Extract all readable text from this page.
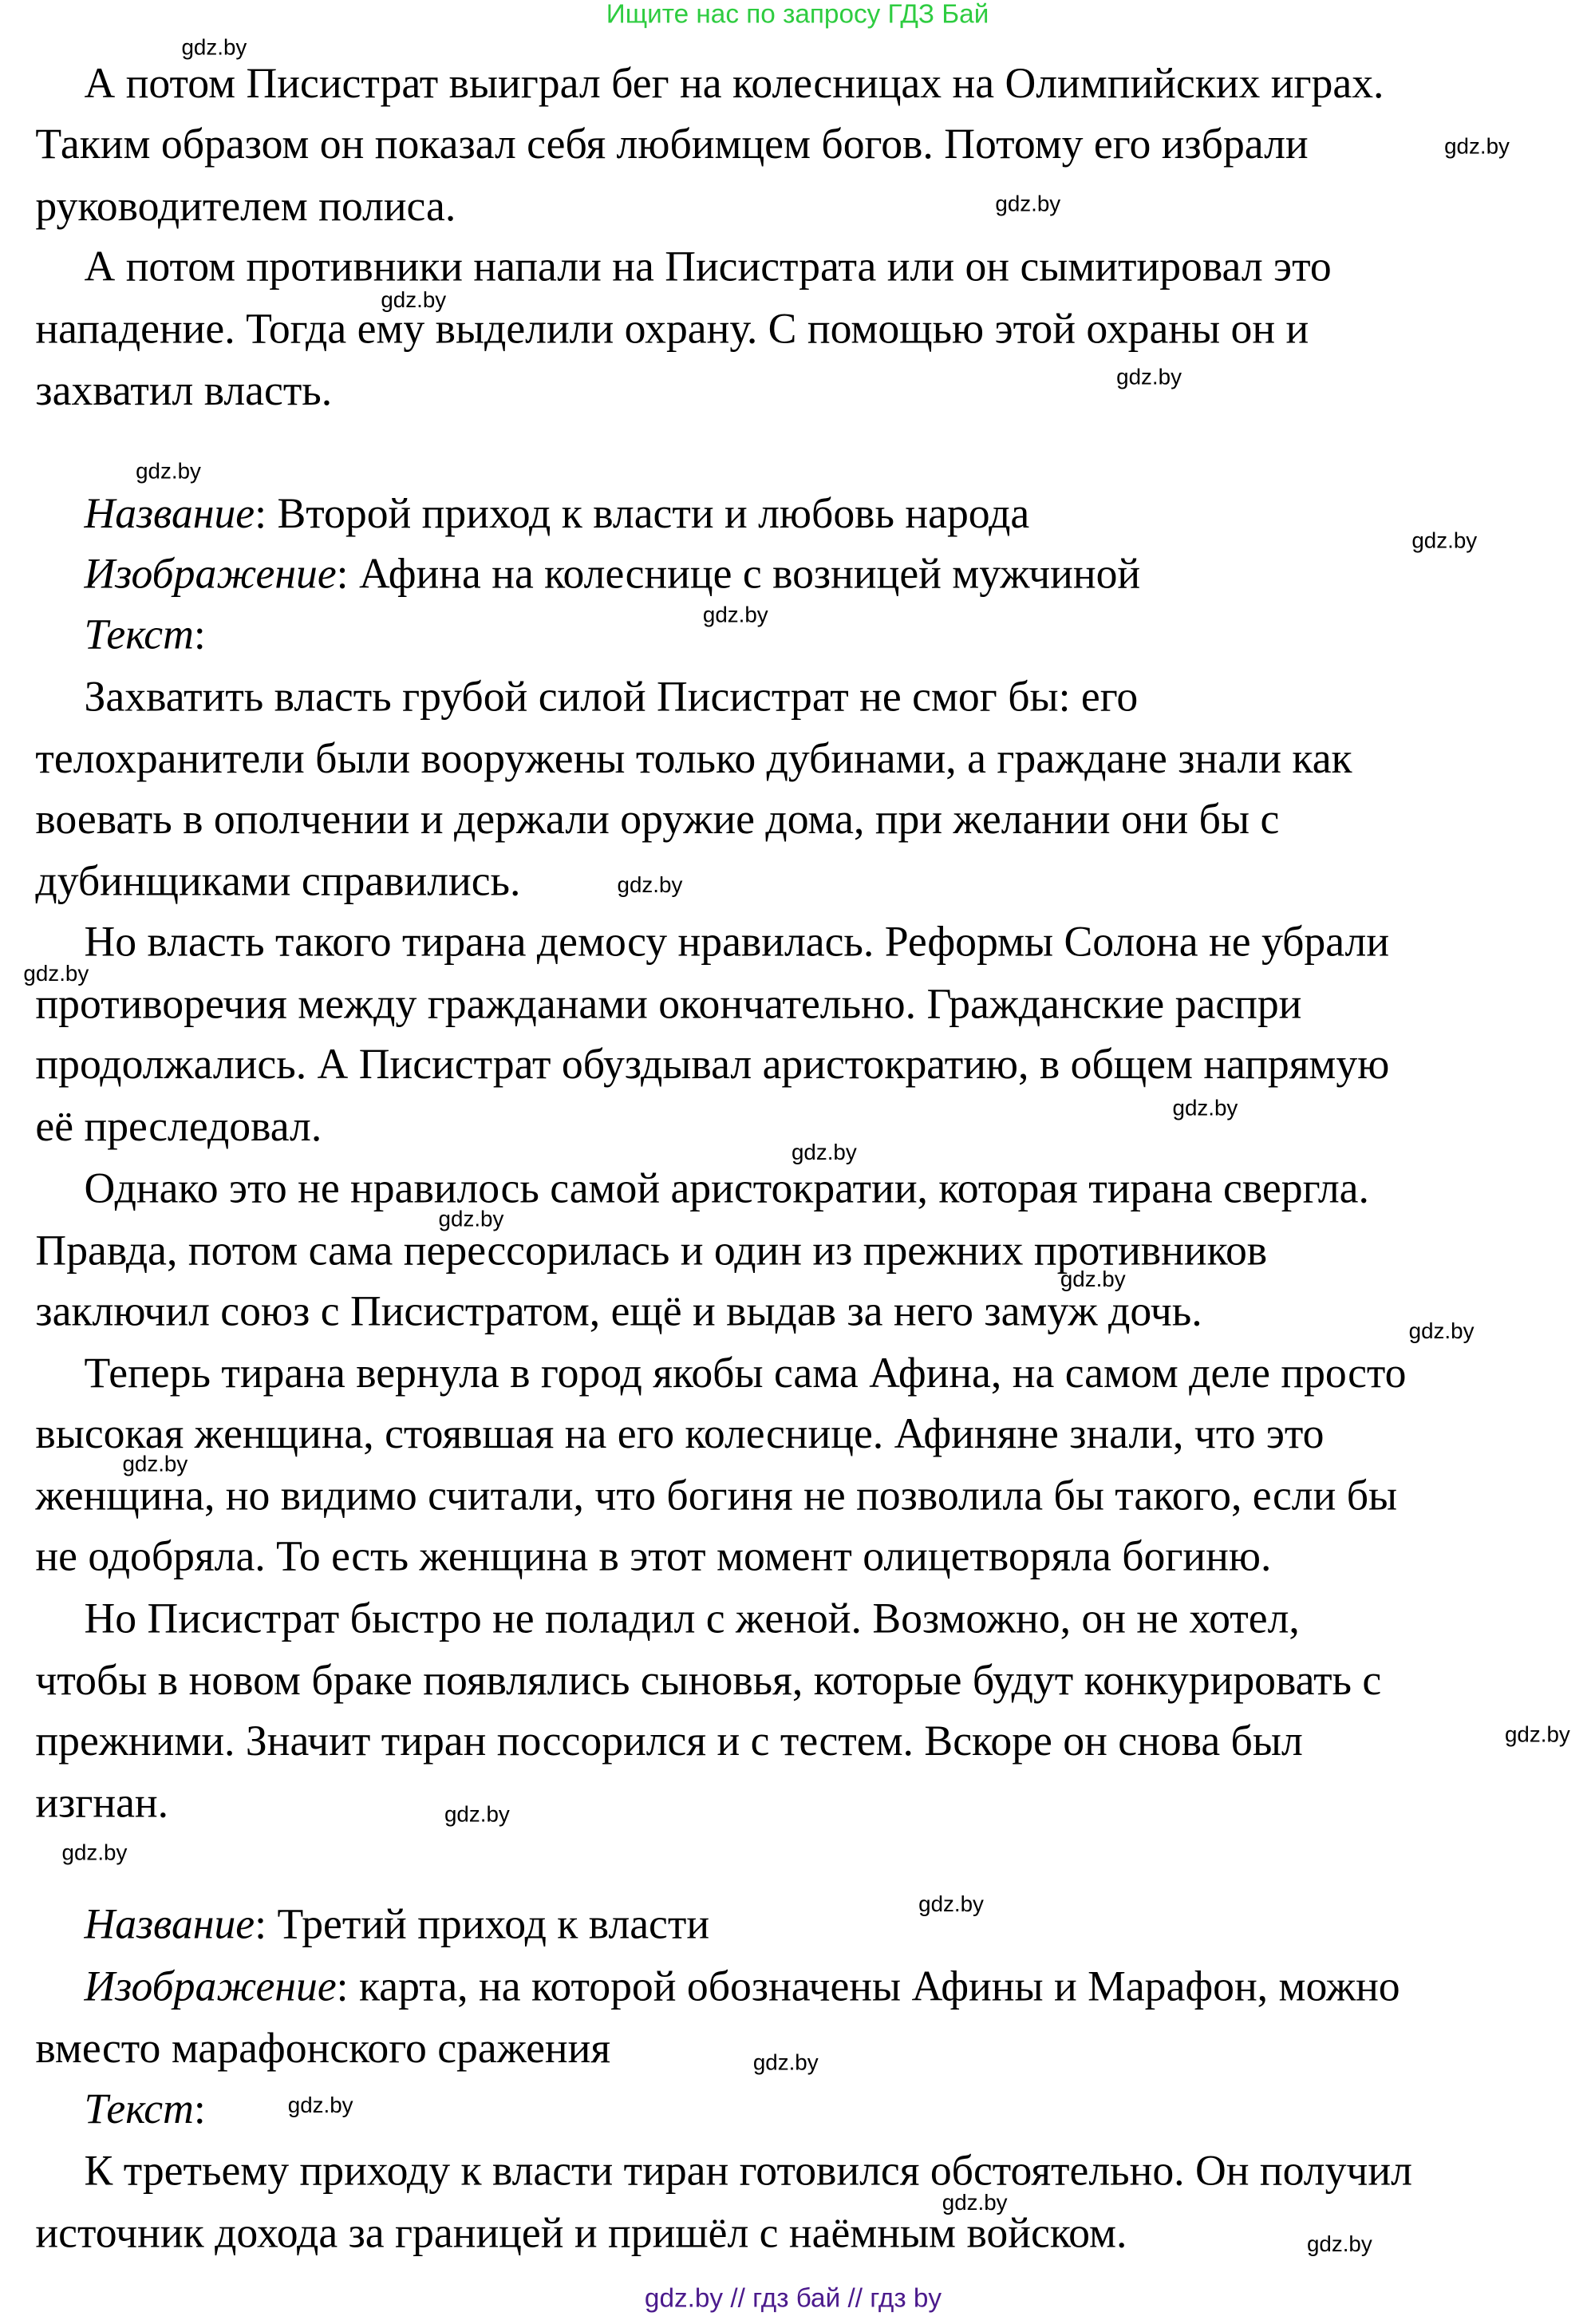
Ищите нас по запросу ГДЗ Бай
А потом Писистрат выиграл бег на колесницах на Олимпийских играх.
Таким образом он показал себя любимцем богов. Потому его избрали
руководителем полиса.
А потом противники напали на Писистрата или он сымитировал это
нападение. Тогда ему выделили охрану. С помощью этой охраны он и
захватил власть.
Название: Второй приход к власти и любовь народа
Изображение: Афина на колеснице с возницей мужчиной
Текст:
Захватить власть грубой силой Писистрат не смог бы: его
телохранители были вооружены только дубинами, а граждане знали как
воевать в ополчении и держали оружие дома, при желании они бы с
дубинщиками справились.
Но власть такого тирана демосу нравилась. Реформы Солона не убрали
противоречия между гражданами окончательно. Гражданские распри
продолжались. А Писистрат обуздывал аристократию, в общем напрямую
её преследовал.
Однако это не нравилось самой аристократии, которая тирана свергла.
Правда, потом сама перессорилась и один из прежних противников
заключил союз с Писистратом, ещё и выдав за него замуж дочь.
Теперь тирана вернула в город якобы сама Афина, на самом деле просто
высокая женщина, стоявшая на его колеснице. Афиняне знали, что это
женщина, но видимо считали, что богиня не позволила бы такого, если бы
не одобряла. То есть женщина в этот момент олицетворяла богиню.
Но Писистрат быстро не поладил с женой. Возможно, он не хотел,
чтобы в новом браке появлялись сыновья, которые будут конкурировать с
прежними. Значит тиран поссорился и с тестем. Вскоре он снова был
изгнан.
Название: Третий приход к власти
Изображение: карта, на которой обозначены Афины и Марафон, можно
вместо марафонского сражения
Текст:
К третьему приходу к власти тиран готовился обстоятельно. Он получил
источник дохода за границей и пришёл с наёмным войском.
gdz.by
gdz.by
gdz.by
gdz.by
gdz.by
gdz.by
gdz.by
gdz.by
gdz.by
gdz.by
gdz.by
gdz.by
gdz.by
gdz.by
gdz.by
gdz.by
gdz.by
gdz.by
gdz.by
gdz.by
gdz.by
gdz.by
gdz.by
gdz.by
gdz.by // гдз бай // гдз by
